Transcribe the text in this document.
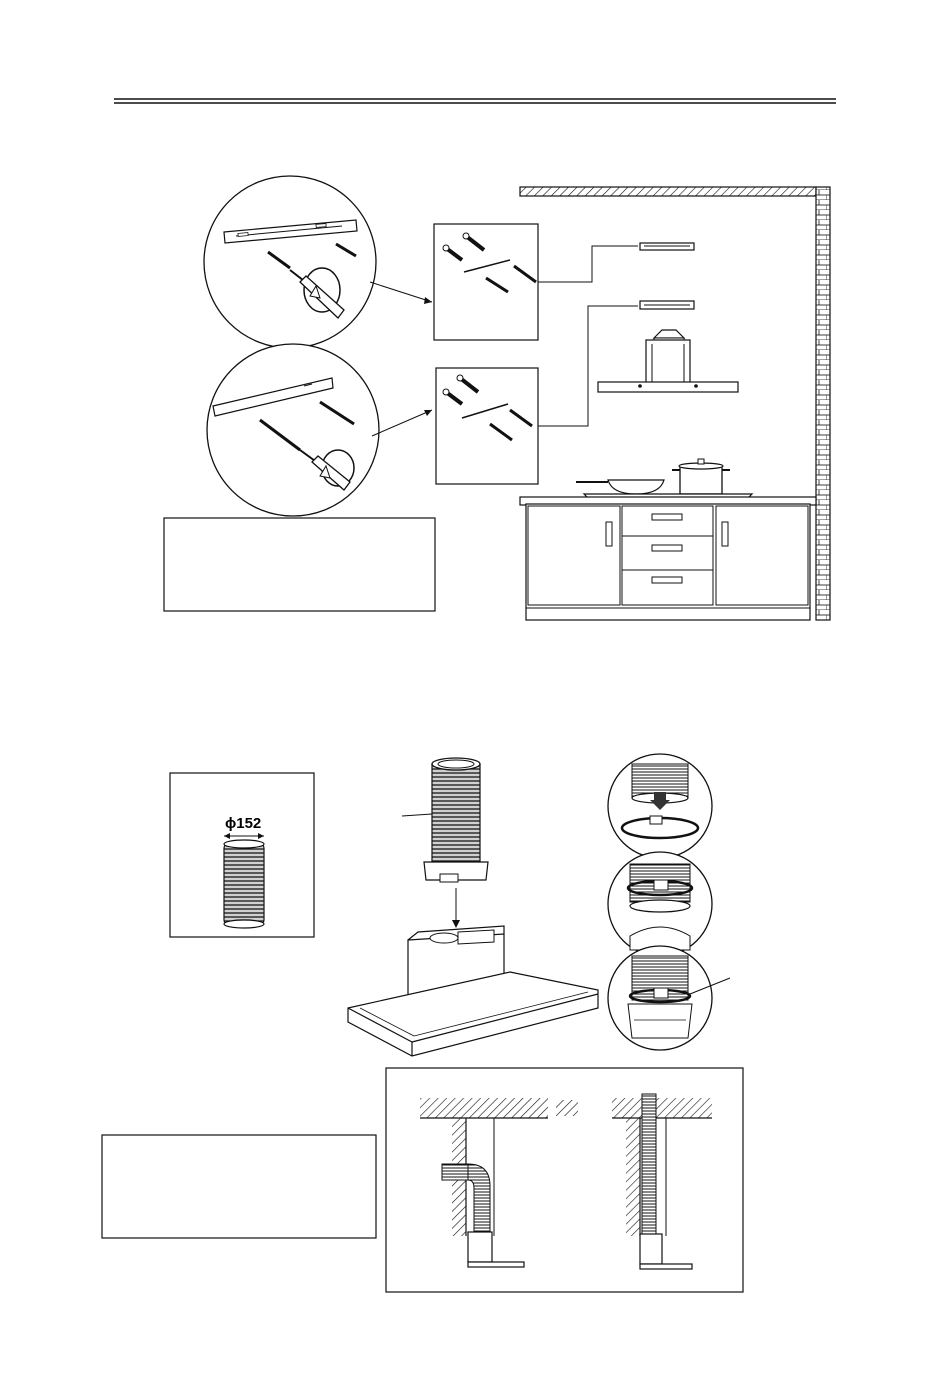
ϕ152
